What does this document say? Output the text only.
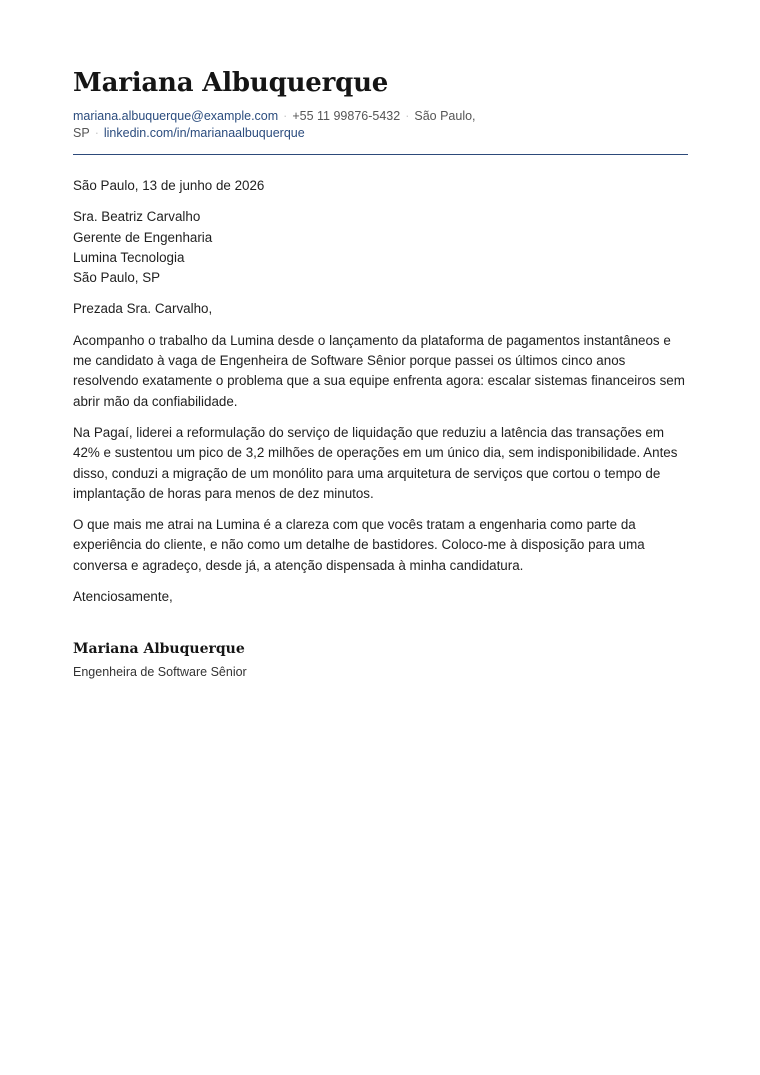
Mariana Albuquerque
mariana.albuquerque@example.com · +55 11 99876-5432 · São Paulo, SP · linkedin.com/in/marianaalbuquerque

São Paulo, 13 de junho de 2026

Sra. Beatriz Carvalho
Gerente de Engenharia
Lumina Tecnologia
São Paulo, SP

Prezada Sra. Carvalho,

Acompanho o trabalho da Lumina desde o lançamento da plataforma de pagamentos instantâneos e me candidato à vaga de Engenheira de Software Sênior porque passei os últimos cinco anos resolvendo exatamente o problema que a sua equipe enfrenta agora: escalar sistemas financeiros sem abrir mão da confiabilidade.

Na Pagaí, liderei a reformulação do serviço de liquidação que reduziu a latência das transações em 42% e sustentou um pico de 3,2 milhões de operações em um único dia, sem indisponibilidade. Antes disso, conduzi a migração de um monólito para uma arquitetura de serviços que cortou o tempo de implantação de horas para menos de dez minutos.

O que mais me atrai na Lumina é a clareza com que vocês tratam a engenharia como parte da experiência do cliente, e não como um detalhe de bastidores. Coloco-me à disposição para uma conversa e agradeço, desde já, a atenção dispensada à minha candidatura.

Atenciosamente,

Mariana Albuquerque
Engenheira de Software Sênior
